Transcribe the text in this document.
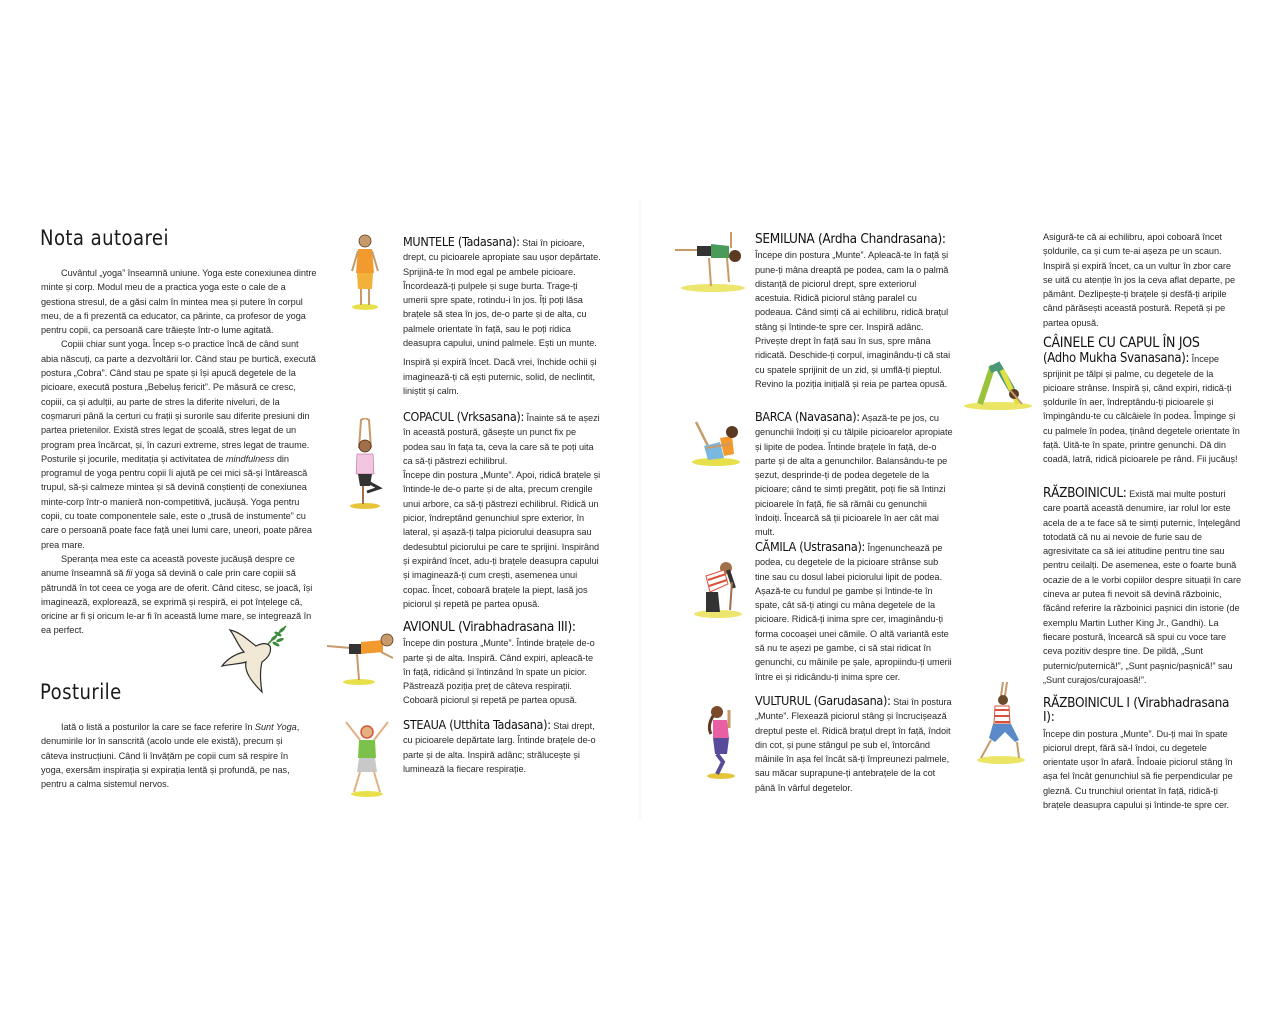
Nota autoarei

Cuvântul „yoga” înseamnă uniune. Yoga este conexiunea dintre minte și corp. Modul meu de a practica yoga este o cale de a gestiona stresul, de a găsi calm în mintea mea și putere în corpul meu, de a fi prezentă ca educator, ca părinte, ca profesor de yoga pentru copii, ca persoană care trăiește într-o lume agitată.

Copiii chiar sunt yoga. Încep s-o practice încă de când sunt abia născuți, ca parte a dezvoltării lor. Când stau pe burtică, execută postura „Cobra”. Când stau pe spate și își apucă degetele de la picioare, execută postura „Bebeluș fericit”. Pe măsură ce cresc, copiii, ca și adulții, au parte de stres la diferite niveluri, de la coșmaruri până la certuri cu frații și surorile sau diferite presiuni din partea prietenilor. Există stres legat de școală, stres legat de un program prea încărcat, și, în cazuri extreme, stres legat de traume. Posturile și jocurile, meditația și activitatea de mindfulness din programul de yoga pentru copii îi ajută pe cei mici să-și întărească trupul, să-și calmeze mintea și să devină conștienți de conexiunea minte-corp într-o manieră non-competitivă, jucăușă. Yoga pentru copii, cu toate componentele sale, este o „trusă de instumente” cu care o persoană poate face față unei lumi care, uneori, poate părea prea mare.

Speranța mea este ca această poveste jucăușă despre ce anume înseamnă să fii yoga să devină o cale prin care copiii să pătrundă în tot ceea ce yoga are de oferit. Când citesc, se joacă, își imaginează, explorează, se exprimă și respiră, ei pot înțelege că, oricine ar fi și oricum le-ar fi în această lume mare, se integrează în ea perfect.

Posturile

Iată o listă a posturilor la care se face referire în Sunt Yoga, denumirile lor în sanscrită (acolo unde ele există), precum și câteva instrucțiuni. Când îi învățăm pe copii cum să respire în yoga, exersăm inspirația și expirația lentă și profundă, pe nas, pentru a calma sistemul nervos.

MUNTELE (Tadasana): Stai în picioare, drept, cu picioarele apropiate sau ușor depărtate. Sprijină-te în mod egal pe ambele picioare. Încordează-ți pulpele și suge burta. Trage-ți umerii spre spate, rotindu-i în jos. Îți poți lăsa brațele să stea în jos, de-o parte și de alta, cu palmele orientate în față, sau le poți ridica deasupra capului, unind palmele. Ești un munte.

Inspiră și expiră încet. Dacă vrei, închide ochii și imaginează-ți că ești puternic, solid, de neclintit, liniștit și calm.

COPACUL (Vrksasana): Înainte să te așezi în această postură, găsește un punct fix pe podea sau în fața ta, ceva la care să te poți uita ca să-ți păstrezi echilibrul.

Începe din postura „Munte”. Apoi, ridică brațele și întinde-le de-o parte și de alta, precum crengile unui arbore, ca să-ți păstrezi echilibrul. Ridică un picior, îndreptând genunchiul spre exterior, în lateral, și așază-ți talpa piciorului deasupra sau dedesubtul piciorului pe care te sprijini. Inspirând și expirând încet, adu-ți brațele deasupra capului și imaginează-ți cum crești, asemenea unui copac. Încet, coboară brațele la piept, lasă jos piciorul și repetă pe partea opusă.

AVIONUL (Virabhadrasana III):
Începe din postura „Munte”. Întinde brațele de-o parte și de alta. Inspiră. Când expiri, apleacă-te în față, ridicând și întinzând în spate un picior. Păstrează poziția preț de câteva respirații. Coboară piciorul și repetă pe partea opusă.

STEAUA (Utthita Tadasana): Stai drept, cu picioarele depărtate larg. Întinde brațele de-o parte și de alta. Inspiră adânc; strălucește și luminează la fiecare respirație.

SEMILUNA (Ardha Chandrasana):
Începe din postura „Munte”. Apleacă-te în față și pune-ți mâna dreaptă pe podea, cam la o palmă distanță de piciorul drept, spre exteriorul acestuia. Ridică piciorul stâng paralel cu podeaua. Când simți că ai echilibru, ridică brațul stâng și întinde-te spre cer. Inspiră adânc. Privește drept în față sau în sus, spre mâna ridicată. Deschide-ți corpul, imaginându-ți că stai cu spatele sprijinit de un zid, și umflă-ți pieptul. Revino la poziția inițială și reia pe partea opusă.

BARCA (Navasana): Așază-te pe jos, cu genunchii îndoiți și cu tălpile picioarelor apropiate și lipite de podea. Întinde brațele în față, de-o parte și de alta a genunchilor. Balansându-te pe șezut, desprinde-ți de podea degetele de la picioare; când te simți pregătit, poți fie să întinzi picioarele în față, fie să rămâi cu genunchii îndoiți. Încearcă să ții picioarele în aer cât mai mult.

CĂMILA (Ustrasana): Îngenunchează pe podea, cu degetele de la picioare strânse sub tine sau cu dosul labei piciorului lipit de podea. Așază-te cu fundul pe gambe și întinde-te în spate, cât să-ți atingi cu mâna degetele de la picioare. Ridică-ți inima spre cer, imaginându-ți forma cocoașei unei cămile. O altă variantă este să nu te așezi pe gambe, ci să stai ridicat în genunchi, cu mâinile pe șale, apropiindu-ți umerii între ei și ridicându-ți inima spre cer.

VULTURUL (Garudasana): Stai în postura „Munte”. Flexează piciorul stâng și încrucișează dreptul peste el. Ridică brațul drept în față, îndoit din cot, și pune stângul pe sub el, întorcând mâinile în așa fel încât să-ți împreunezi palmele, sau măcar suprapune-ți antebrațele de la cot până în vârful degetelor.

Asigură-te că ai echilibru, apoi coboară încet șoldurile, ca și cum te-ai așeza pe un scaun. Inspiră și expiră încet, ca un vultur în zbor care se uită cu atenție în jos la ceva aflat departe, pe pământ. Dezlipește-ți brațele și desfă-ți aripile când părăsești această postură. Repetă și pe partea opusă.

CÂINELE CU CAPUL ÎN JOS
(Adho Mukha Svanasana): Începe sprijinit pe tălpi și palme, cu degetele de la picioare strânse. Inspiră și, când expiri, ridică-ți șoldurile în aer, îndreptându-ți picioarele și împingându-te cu călcâiele în podea. Împinge și cu palmele în podea, ținând degetele orientate în față. Uită-te în spate, printre genunchi. Dă din coadă, latră, ridică picioarele pe rând. Fii jucăuș!

RĂZBOINICUL: Există mai multe posturi care poartă această denumire, iar rolul lor este acela de a te face să te simți puternic, înțelegând totodată că nu ai nevoie de furie sau de agresivitate ca să iei atitudine pentru tine sau pentru ceilalți. De asemenea, este o foarte bună ocazie de a le vorbi copiilor despre situații în care cineva ar putea fi nevoit să devină războinic, făcând referire la războinici pașnici din istorie (de exemplu Martin Luther King Jr., Gandhi). La fiecare postură, încearcă să spui cu voce tare ceva pozitiv despre tine. De pildă, „Sunt puternic/puternică!”, „Sunt pașnic/pașnică!” sau „Sunt curajos/curajoasă!”.

RĂZBOINICUL I (Virabhadrasana I):
Începe din postura „Munte”. Du-ți mai în spate piciorul drept, fără să-l îndoi, cu degetele orientate ușor în afară. Îndoaie piciorul stâng în așa fel încât genunchiul să fie perpendicular pe gleznă. Cu trunchiul orientat în față, ridică-ți brațele deasupra capului și întinde-te spre cer.
